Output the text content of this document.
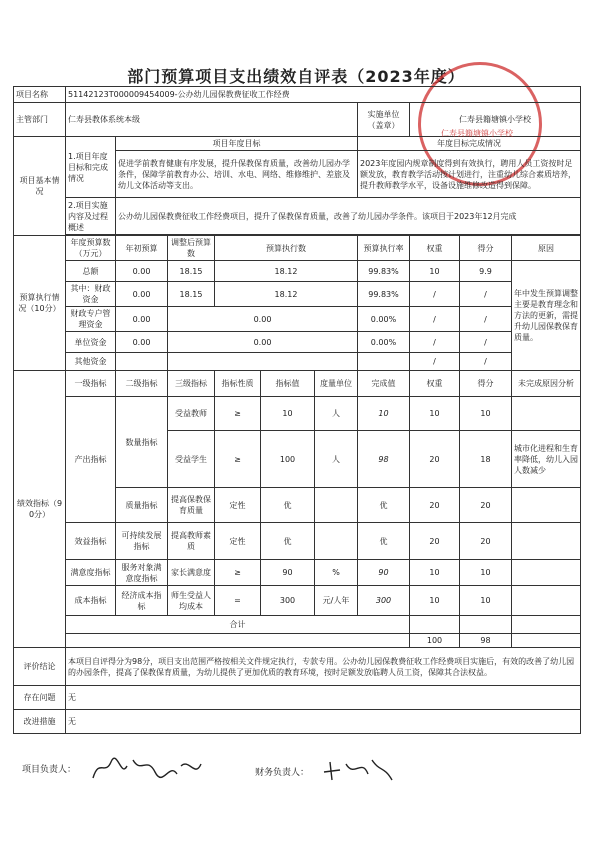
部门预算项目支出绩效自评表（2023年度）
项目名称	51142123T000009454009-公办幼儿园保教费征收工作经费									
主管部门	仁寿县教体系统本级						实施单位（盖章）	仁寿县籍塘镇小学校		
项目基本情况	1.项目年度目标和完成情况	项目年度目标					年度目标完成情况			
		促进学前教育健康有序发展，提升保教保育质量，改善幼儿园办学条件，保障学前教育办公、培训、水电、网络、维修维护、差旅及幼儿文体活动等支出。					2023年度园内规章制度得到有效执行，聘用人员工资按时足额发放，教育教学活动按计划进行，注重幼儿综合素质培养，提升教师教学水平，设备设施维修改造得到保障。			
	2.项目实施内容及过程概述	公办幼儿园保教费征收工作经费项目，提升了保教保育质量，改善了幼儿园办学条件。该项目于2023年12月完成								

预算执行情况（10分）	年度预算数（万元）	年初预算	调整后预算数	预算执行数			预算执行率	权重	得分	原因
	总额	0.00	18.15	18.12			99.83%	10	9.9	年中发生预算调整主要是教育理念和方法的更新，需提升幼儿园保教保育质量。
	其中：财政资金	0.00	18.15	18.12			99.83%	/	/	
	财政专户管理资金	0.00	0.00				0.00%	/	/	
	单位资金	0.00	0.00				0.00%	/	/	
	其他资金							/	/	
绩效指标（90分）	一级指标	二级指标	三级指标	指标性质	指标值	度量单位	完成值	权重	得分	未完成原因分析
	产出指标	数量指标	受益教师	≥	10	人	10	10	10	
			受益学生	≥	100	人	98	20	18	城市化进程和生育率降低，幼儿入园人数减少
		质量指标	提高保教保育质量	定性	优		优	20	20	
	效益指标	可持续发展指标	提高教师素质	定性	优		优	20	20	
	满意度指标	服务对象满意度指标	家长满意度	≥	90	%	90	10	10	
	成本指标	经济成本指标	师生受益人均成本	=	300	元/人年	300	10	10	
	合计									
								100	98	
评价结论	本项目自评得分为98分，项目支出范围严格按相关文件规定执行，专款专用。公办幼儿园保教费征收工作经费项目实施后，有效的改善了幼儿园的办园条件，提高了保教保育质量，为幼儿提供了更加优质的教育环境，按时足额发放临聘人员工资，保障其合法权益。									
存在问题	无									
改进措施	无									
仁寿县籍塘镇小学校
项目负责人：	财务负责人：
